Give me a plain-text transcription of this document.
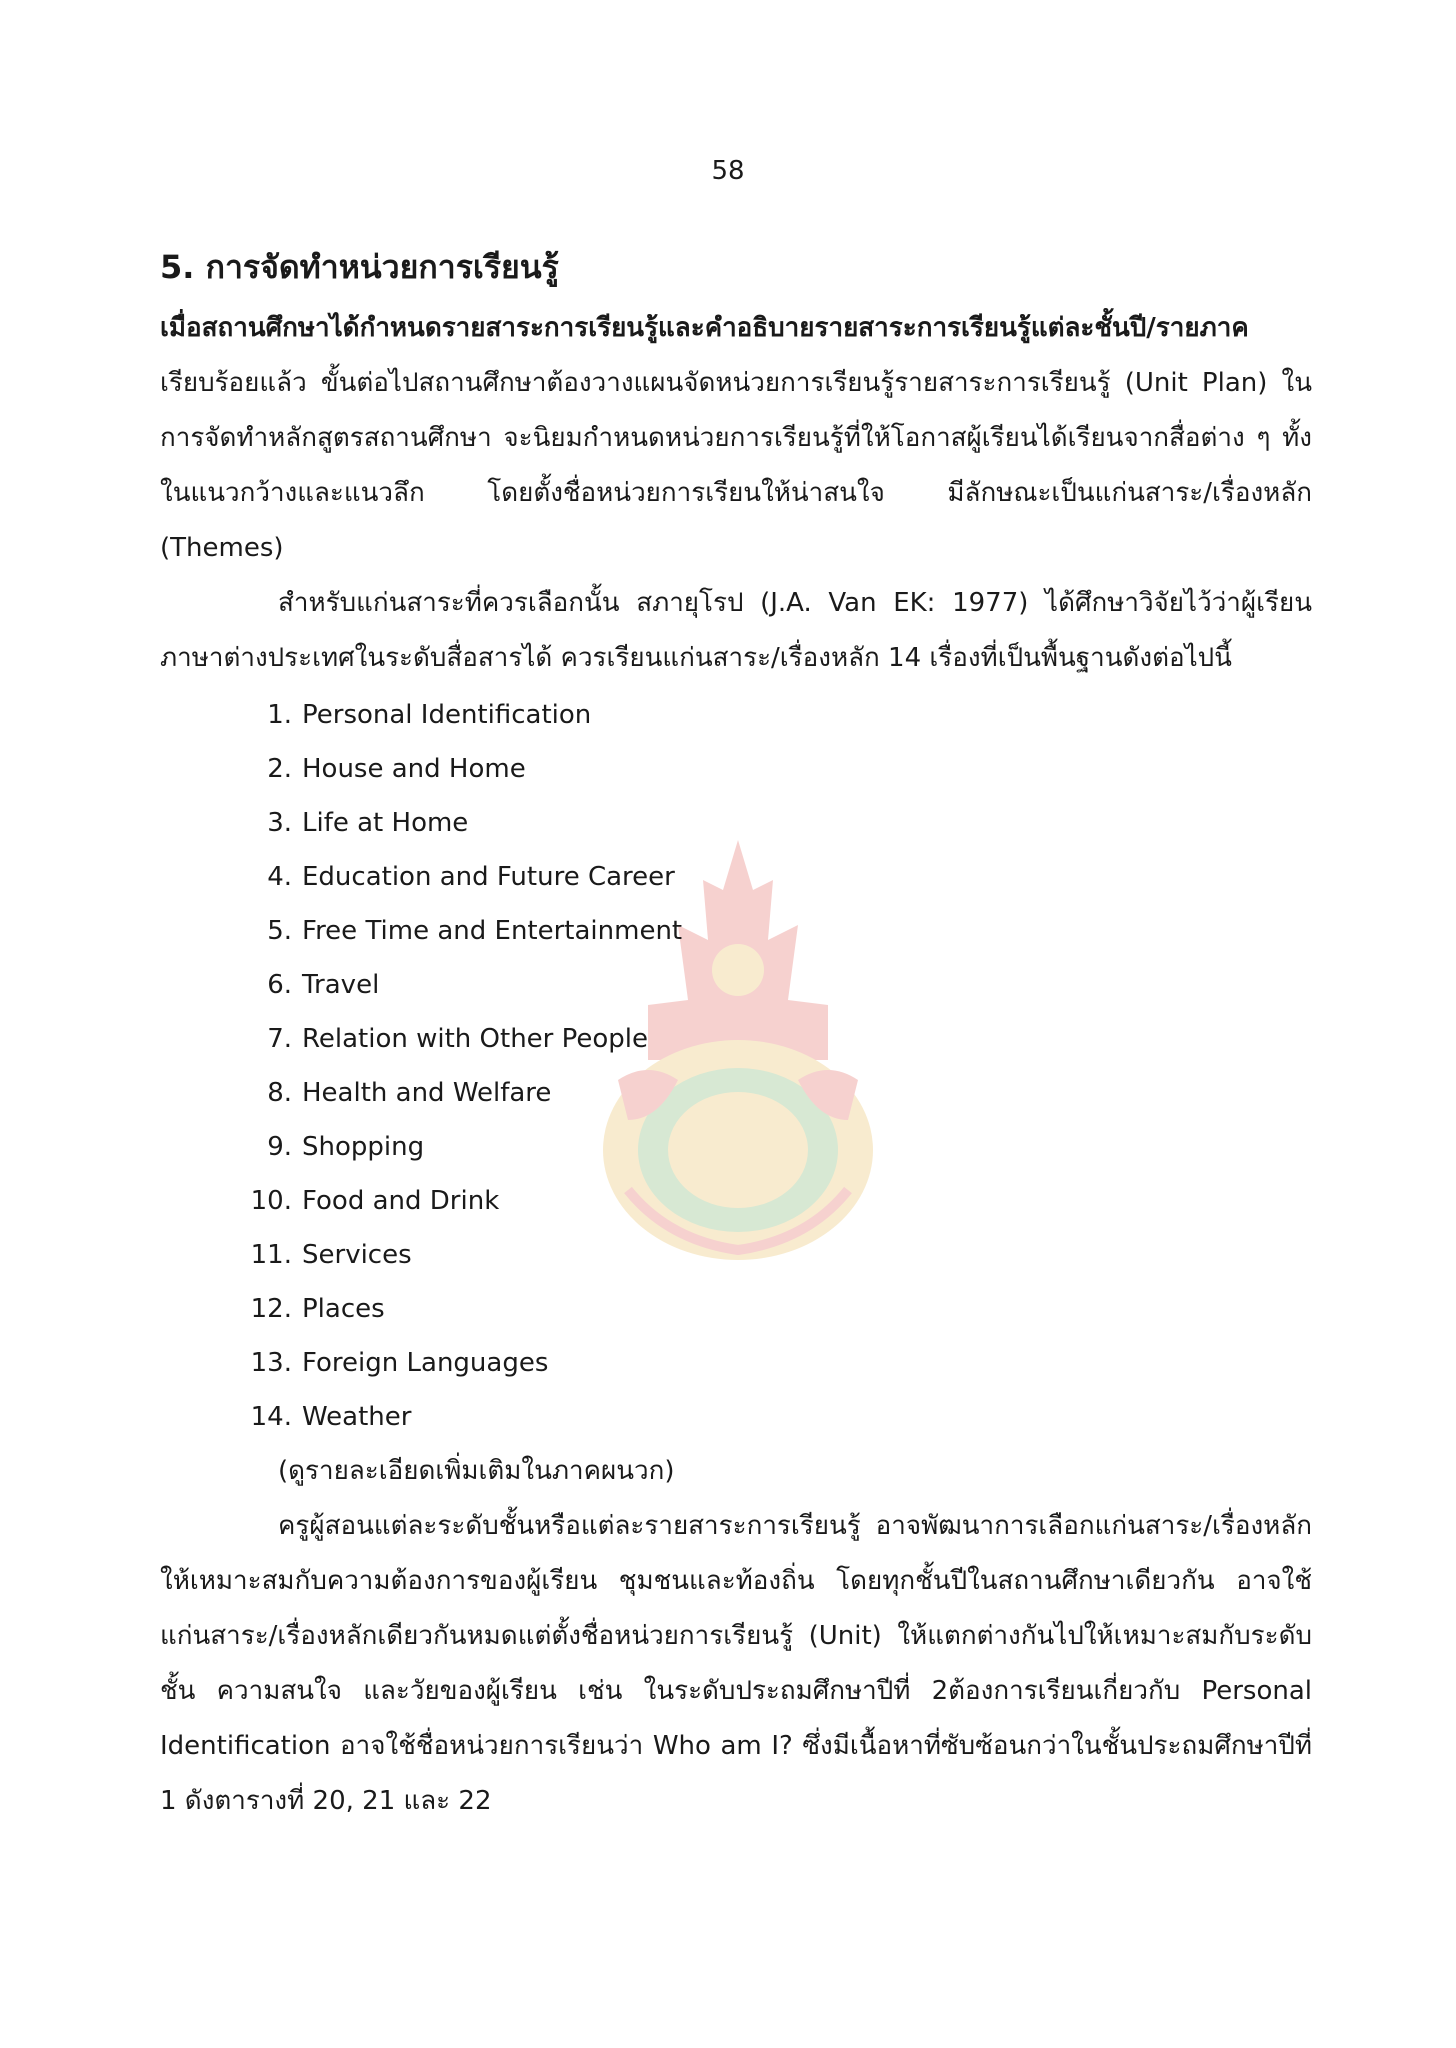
58
5. การจัดทำหน่วยการเรียนรู้

เมื่อสถานศึกษาได้กำหนดรายสาระการเรียนรู้และคำอธิบายรายสาระการเรียนรู้แต่ละชั้นปี/รายภาค เรียบร้อยแล้ว ขั้นต่อไปสถานศึกษาต้องวางแผนจัดหน่วยการเรียนรู้รายสาระการเรียนรู้ (Unit Plan) ในการจัดทำหลักสูตรสถานศึกษา จะนิยมกำหนดหน่วยการเรียนรู้ที่ให้โอกาสผู้เรียนได้เรียนจากสื่อต่าง ๆ ทั้งในแนวกว้างและแนวลึก โดยตั้งชื่อหน่วยการเรียนให้น่าสนใจ มีลักษณะเป็นแก่นสาระ/เรื่องหลัก (Themes)

สำหรับแก่นสาระที่ควรเลือกนั้น สภายุโรป (J.A. Van EK: 1977) ได้ศึกษาวิจัยไว้ว่าผู้เรียนภาษาต่างประเทศในระดับสื่อสารได้ ควรเรียนแก่นสาระ/เรื่องหลัก 14 เรื่องที่เป็นพื้นฐานดังต่อไปนี้

1. Personal Identification
2. House and Home
3. Life at Home
4. Education and Future Career
5. Free Time and Entertainment
6. Travel
7. Relation with Other People
8. Health and Welfare
9. Shopping
10. Food and Drink
11. Services
12. Places
13. Foreign Languages
14. Weather
(ดูรายละเอียดเพิ่มเติมในภาคผนวก)

ครูผู้สอนแต่ละระดับชั้นหรือแต่ละรายสาระการเรียนรู้ อาจพัฒนาการเลือกแก่นสาระ/เรื่องหลักให้เหมาะสมกับความต้องการของผู้เรียน ชุมชนและท้องถิ่น โดยทุกชั้นปีในสถานศึกษาเดียวกัน อาจใช้แก่นสาระ/เรื่องหลักเดียวกันหมดแต่ตั้งชื่อหน่วยการเรียนรู้ (Unit) ให้แตกต่างกันไปให้เหมาะสมกับระดับชั้น ความสนใจ และวัยของผู้เรียน เช่น ในระดับประถมศึกษาปีที่ 2ต้องการเรียนเกี่ยวกับ Personal Identification อาจใช้ชื่อหน่วยการเรียนว่า Who am I? ซึ่งมีเนื้อหาที่ซับซ้อนกว่าในชั้นประถมศึกษาปีที่ 1 ดังตารางที่ 20, 21 และ 22
